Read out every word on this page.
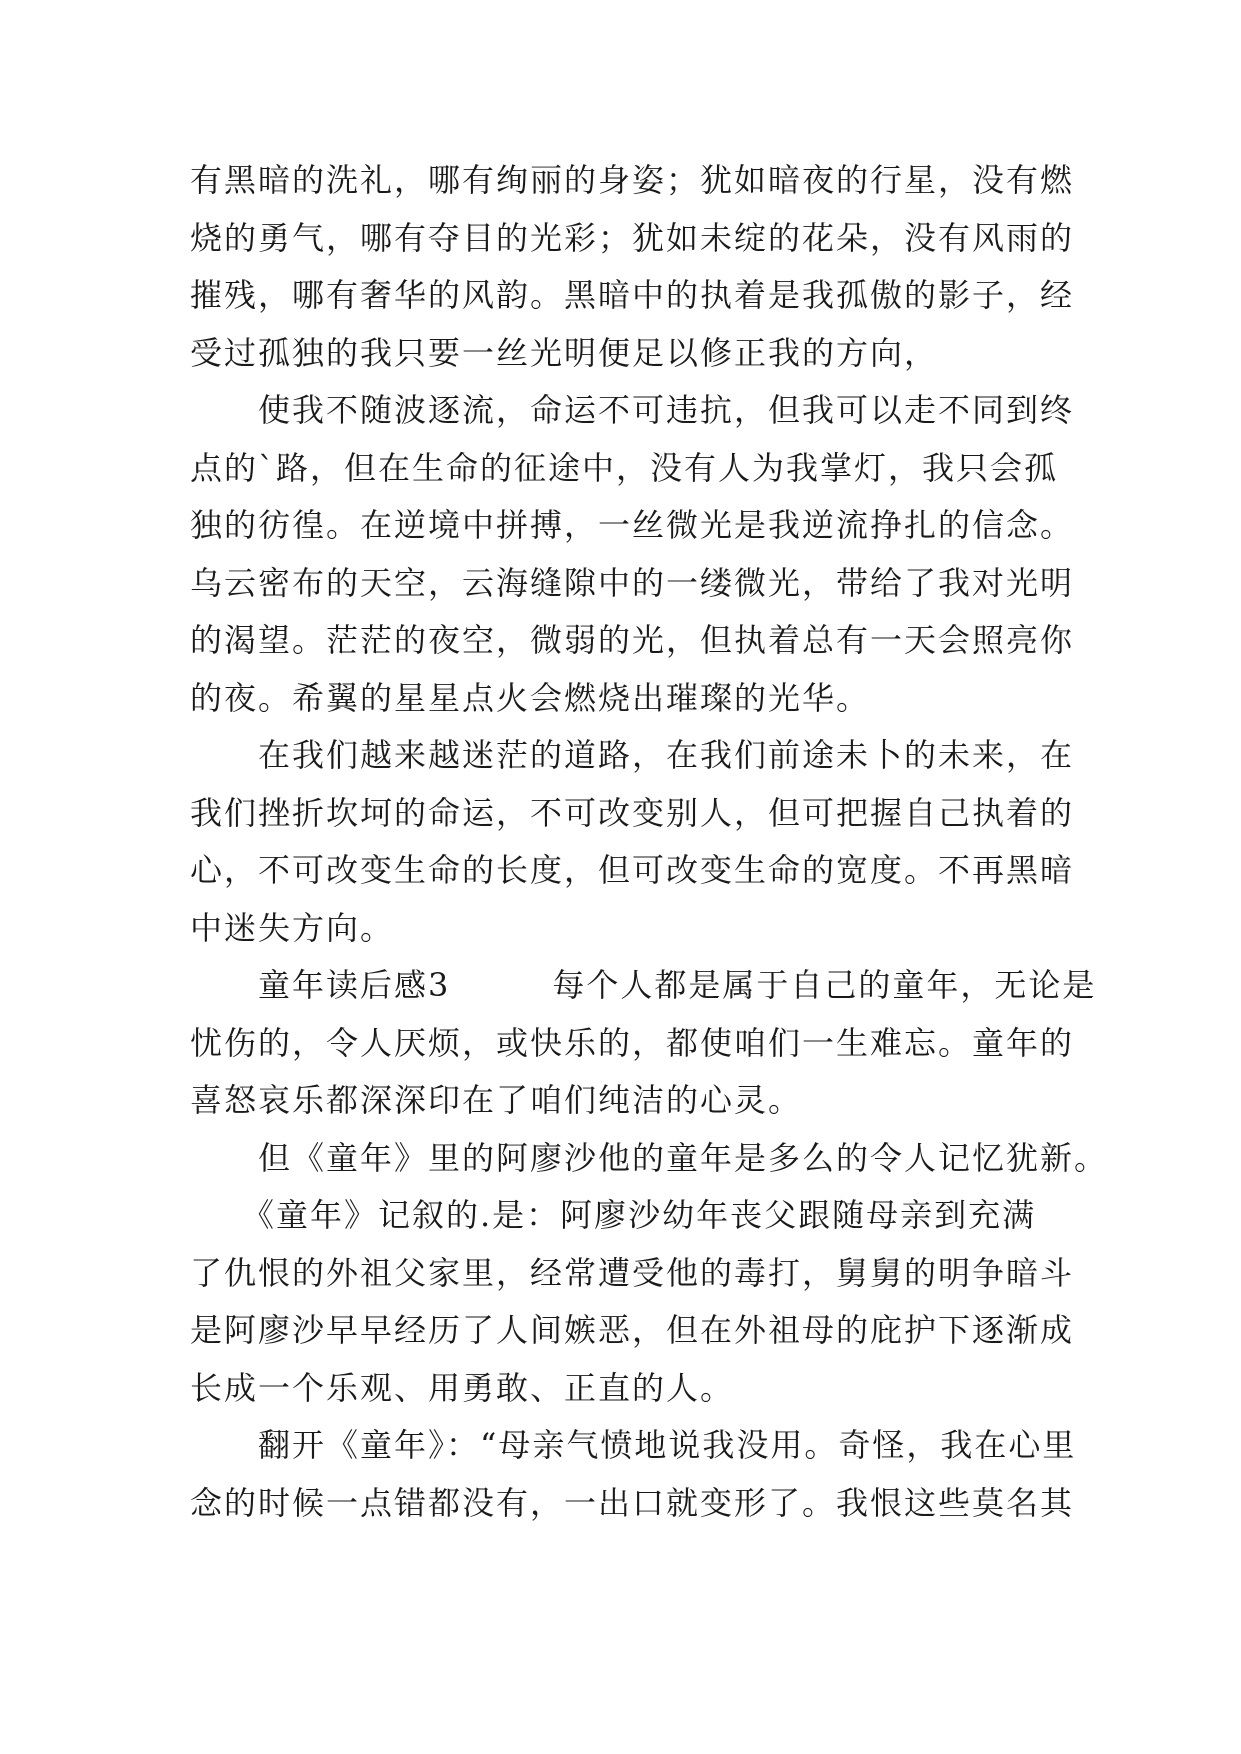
有黑暗的洗礼，哪有绚丽的身姿；犹如暗夜的行星，没有燃
烧的勇气，哪有夺目的光彩；犹如未绽的花朵，没有风雨的
摧残，哪有奢华的风韵。黑暗中的执着是我孤傲的影子，经
受过孤独的我只要一丝光明便足以修正我的方向，
　　使我不随波逐流，命运不可违抗，但我可以走不同到终
点的`路，但在生命的征途中，没有人为我掌灯，我只会孤
独的彷徨。在逆境中拼搏，一丝微光是我逆流挣扎的信念。
乌云密布的天空，云海缝隙中的一缕微光，带给了我对光明
的渴望。茫茫的夜空，微弱的光，但执着总有一天会照亮你
的夜。希翼的星星点火会燃烧出璀璨的光华。
　　在我们越来越迷茫的道路，在我们前途未卜的未来，在
我们挫折坎坷的命运，不可改变别人，但可把握自己执着的
心，不可改变生命的长度，但可改变生命的宽度。不再黑暗
中迷失方向。
　　童年读后感3　　　每个人都是属于自己的童年，无论是
忧伤的，令人厌烦，或快乐的，都使咱们一生难忘。童年的
喜怒哀乐都深深印在了咱们纯洁的心灵。
　　但《童年》里的阿廖沙他的童年是多么的令人记忆犹新。
　　《童年》记叙的.是：阿廖沙幼年丧父跟随母亲到充满
了仇恨的外祖父家里，经常遭受他的毒打，舅舅的明争暗斗
是阿廖沙早早经历了人间嫉恶，但在外祖母的庇护下逐渐成
长成一个乐观、用勇敢、正直的人。
　　翻开《童年》：“母亲气愤地说我没用。奇怪，我在心里
念的时候一点错都没有，一出口就变形了。我恨这些莫名其
